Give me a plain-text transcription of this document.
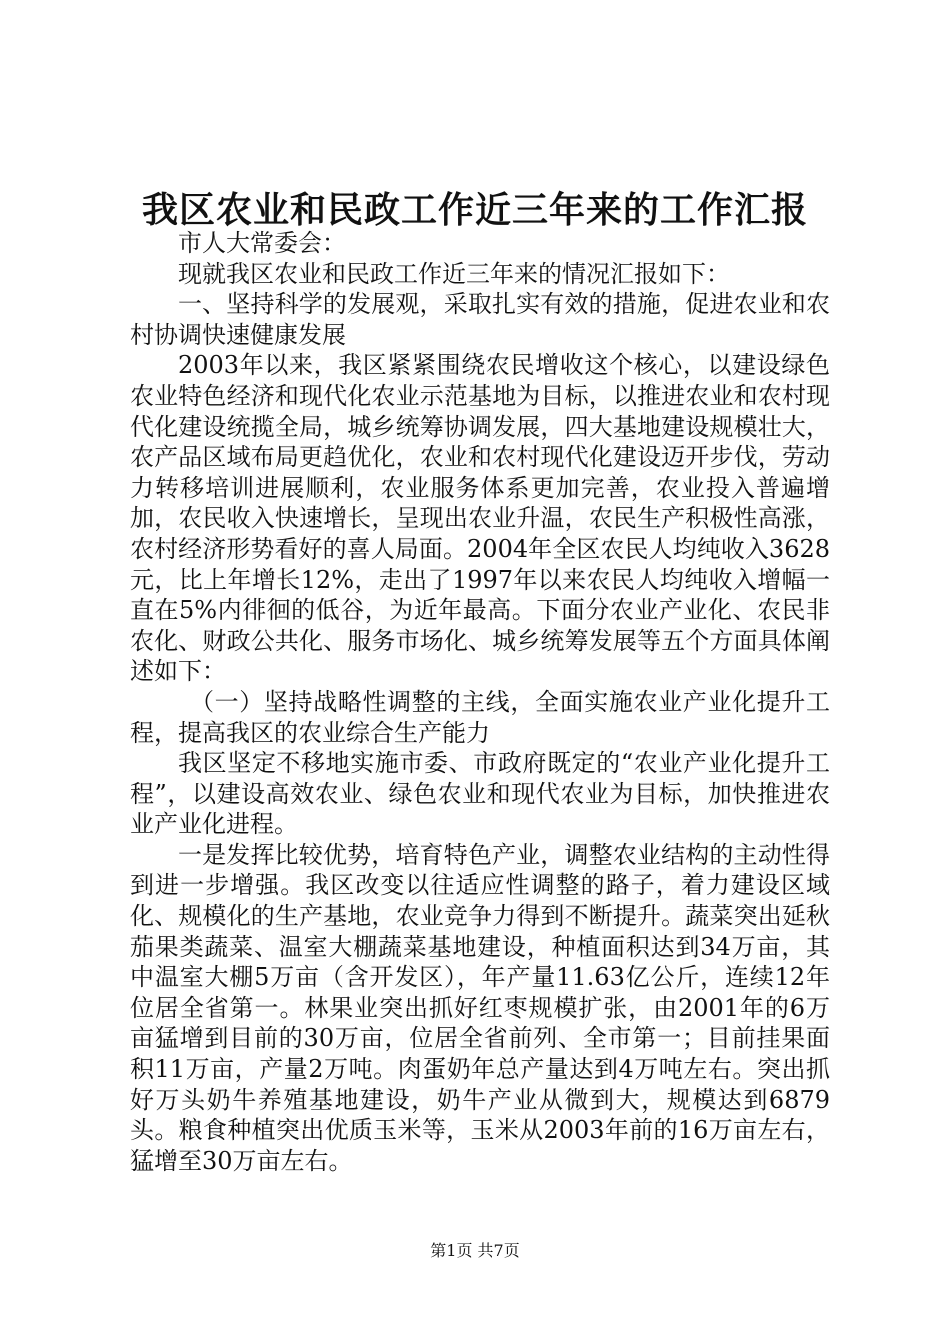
我区农业和民政工作近三年来的工作汇报

市人大常委会：

现就我区农业和民政工作近三年来的情况汇报如下：

一、坚持科学的发展观，采取扎实有效的措施，促进农业和农村协调快速健康发展

2003年以来，我区紧紧围绕农民增收这个核心，以建设绿色农业特色经济和现代化农业示范基地为目标，以推进农业和农村现代化建设统揽全局，城乡统筹协调发展，四大基地建设规模壮大，农产品区域布局更趋优化，农业和农村现代化建设迈开步伐，劳动力转移培训进展顺利，农业服务体系更加完善，农业投入普遍增加，农民收入快速增长，呈现出农业升温，农民生产积极性高涨，农村经济形势看好的喜人局面。2004年全区农民人均纯收入3628元，比上年增长12%，走出了1997年以来农民人均纯收入增幅一直在5%内徘徊的低谷，为近年最高。下面分农业产业化、农民非农化、财政公共化、服务市场化、城乡统筹发展等五个方面具体阐述如下：

（一）坚持战略性调整的主线，全面实施农业产业化提升工程，提高我区的农业综合生产能力

我区坚定不移地实施市委、市政府既定的“农业产业化提升工程”，以建设高效农业、绿色农业和现代农业为目标，加快推进农业产业化进程。

一是发挥比较优势，培育特色产业，调整农业结构的主动性得到进一步增强。我区改变以往适应性调整的路子，着力建设区域化、规模化的生产基地，农业竞争力得到不断提升。蔬菜突出延秋茄果类蔬菜、温室大棚蔬菜基地建设，种植面积达到34万亩，其中温室大棚5万亩（含开发区），年产量11.63亿公斤，连续12年位居全省第一。林果业突出抓好红枣规模扩张，由2001年的6万亩猛增到目前的30万亩，位居全省前列、全市第一；目前挂果面积11万亩，产量2万吨。肉蛋奶年总产量达到4万吨左右。突出抓好万头奶牛养殖基地建设，奶牛产业从微到大，规模达到6879头。粮食种植突出优质玉米等，玉米从2003年前的16万亩左右，猛增至30万亩左右。

第1页 共7页
